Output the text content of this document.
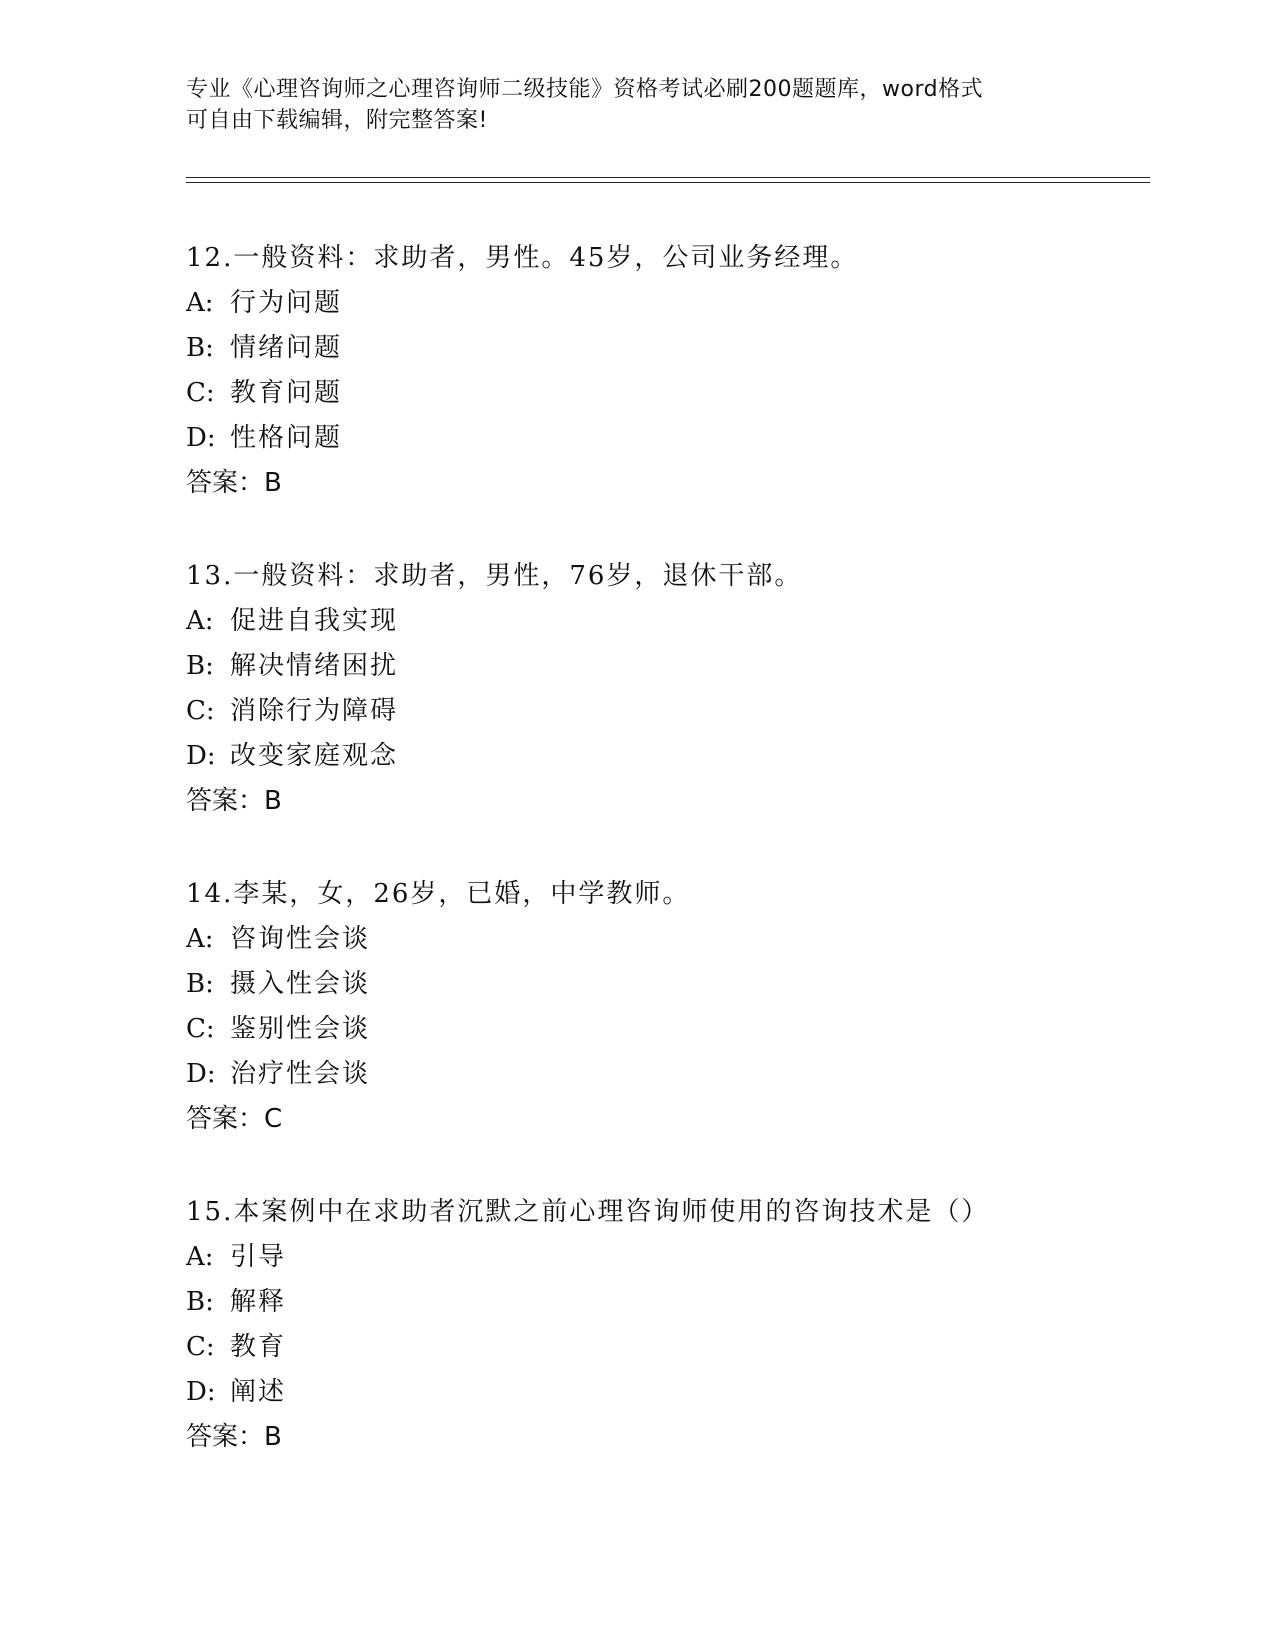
专业《心理咨询师之心理咨询师二级技能》资格考试必刷200题题库，word格式
可自由下载编辑，附完整答案!
12.一般资料：求助者，男性。45岁，公司业务经理。
A: 行为问题
B: 情绪问题
C: 教育问题
D: 性格问题
答案：B
13.一般资料：求助者，男性，76岁，退休干部。
A: 促进自我实现
B: 解决情绪困扰
C: 消除行为障碍
D: 改变家庭观念
答案：B
14.李某，女，26岁，已婚，中学教师。
A: 咨询性会谈
B: 摄入性会谈
C: 鉴别性会谈
D: 治疗性会谈
答案：C
15.本案例中在求助者沉默之前心理咨询师使用的咨询技术是（）
A: 引导
B: 解释
C: 教育
D: 阐述
答案：B
